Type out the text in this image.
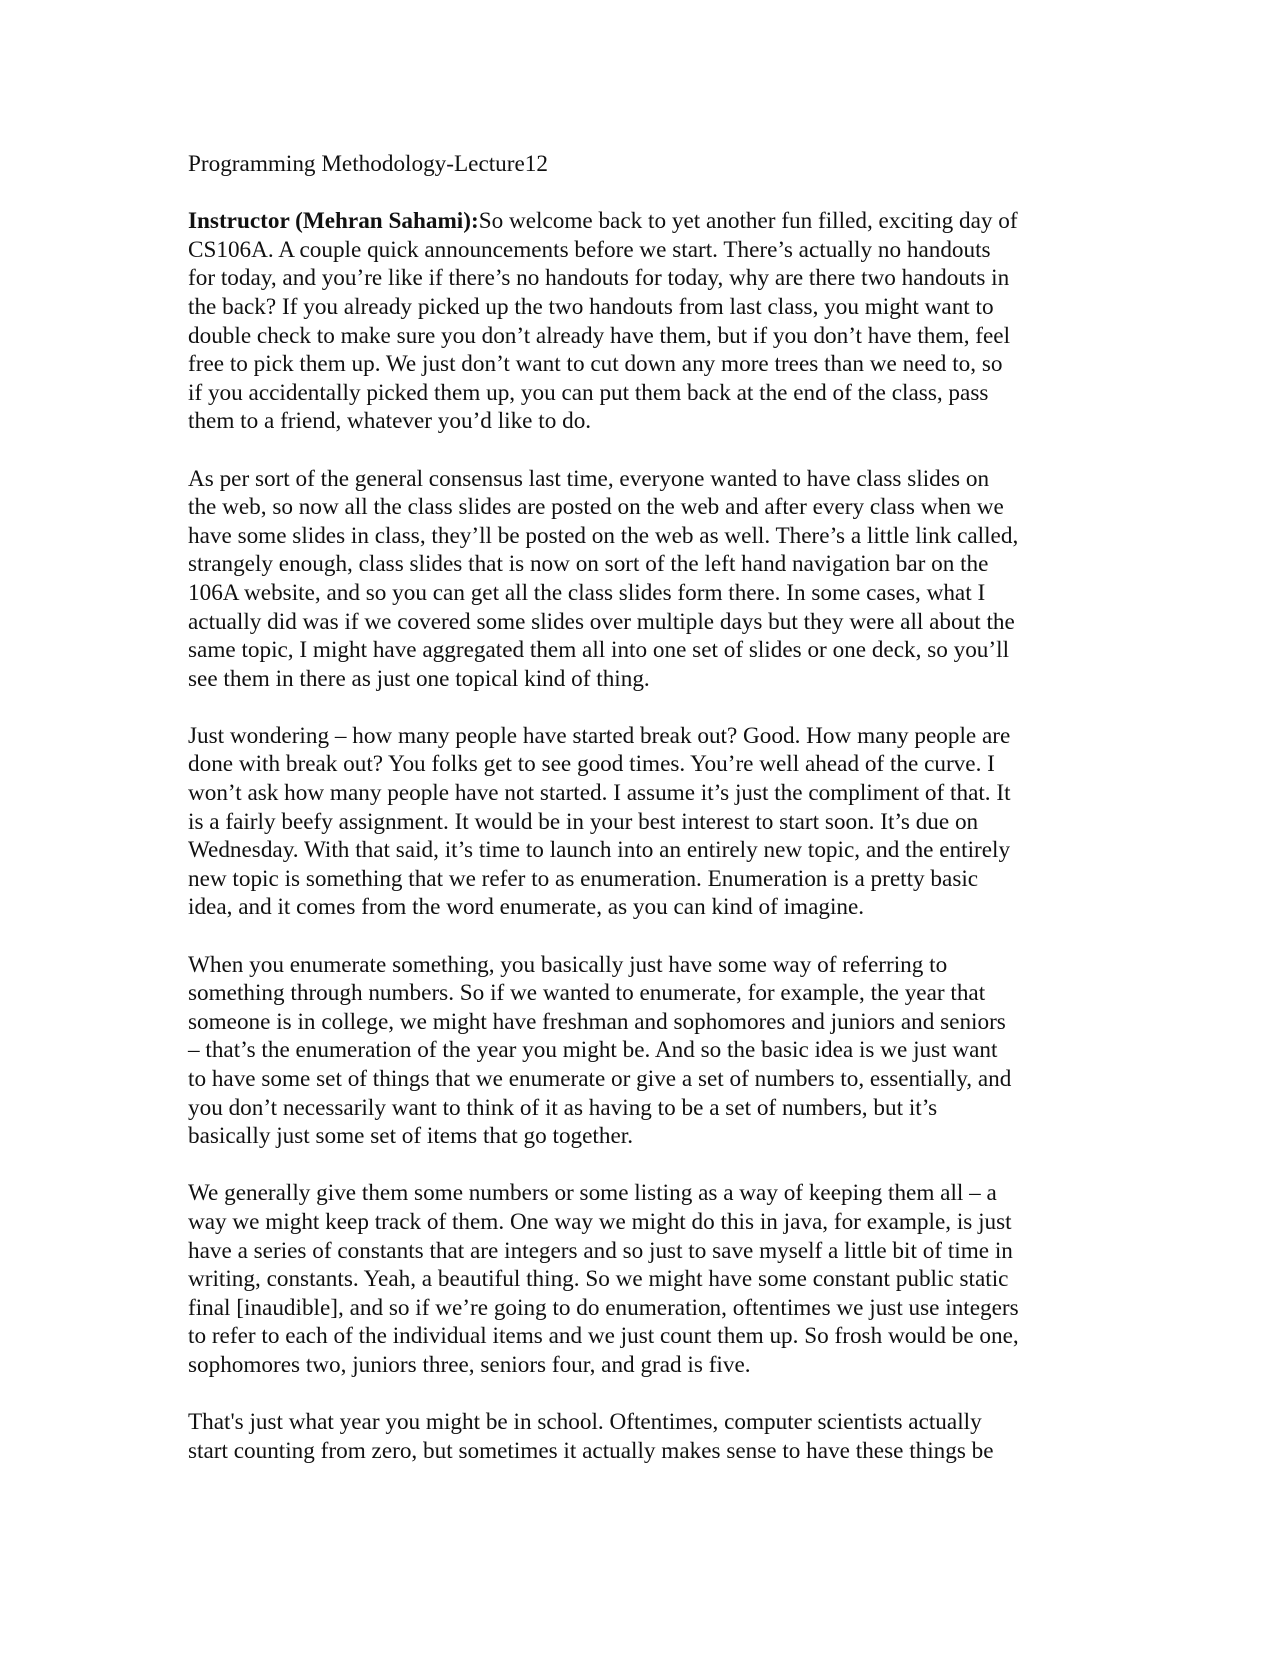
Programming Methodology-Lecture12

Instructor (Mehran Sahami):So welcome back to yet another fun filled, exciting day of
CS106A. A couple quick announcements before we start. There’s actually no handouts
for today, and you’re like if there’s no handouts for today, why are there two handouts in
the back? If you already picked up the two handouts from last class, you might want to
double check to make sure you don’t already have them, but if you don’t have them, feel
free to pick them up. We just don’t want to cut down any more trees than we need to, so
if you accidentally picked them up, you can put them back at the end of the class, pass
them to a friend, whatever you’d like to do.

As per sort of the general consensus last time, everyone wanted to have class slides on
the web, so now all the class slides are posted on the web and after every class when we
have some slides in class, they’ll be posted on the web as well. There’s a little link called,
strangely enough, class slides that is now on sort of the left hand navigation bar on the
106A website, and so you can get all the class slides form there. In some cases, what I
actually did was if we covered some slides over multiple days but they were all about the
same topic, I might have aggregated them all into one set of slides or one deck, so you’ll
see them in there as just one topical kind of thing.

Just wondering – how many people have started break out? Good. How many people are
done with break out? You folks get to see good times. You’re well ahead of the curve. I
won’t ask how many people have not started. I assume it’s just the compliment of that. It
is a fairly beefy assignment. It would be in your best interest to start soon. It’s due on
Wednesday. With that said, it’s time to launch into an entirely new topic, and the entirely
new topic is something that we refer to as enumeration. Enumeration is a pretty basic
idea, and it comes from the word enumerate, as you can kind of imagine.

When you enumerate something, you basically just have some way of referring to
something through numbers. So if we wanted to enumerate, for example, the year that
someone is in college, we might have freshman and sophomores and juniors and seniors
– that’s the enumeration of the year you might be. And so the basic idea is we just want
to have some set of things that we enumerate or give a set of numbers to, essentially, and
you don’t necessarily want to think of it as having to be a set of numbers, but it’s
basically just some set of items that go together.

We generally give them some numbers or some listing as a way of keeping them all – a
way we might keep track of them. One way we might do this in java, for example, is just
have a series of constants that are integers and so just to save myself a little bit of time in
writing, constants. Yeah, a beautiful thing. So we might have some constant public static
final [inaudible], and so if we’re going to do enumeration, oftentimes we just use integers
to refer to each of the individual items and we just count them up. So frosh would be one,
sophomores two, juniors three, seniors four, and grad is five.

That's just what year you might be in school. Oftentimes, computer scientists actually
start counting from zero, but sometimes it actually makes sense to have these things be
